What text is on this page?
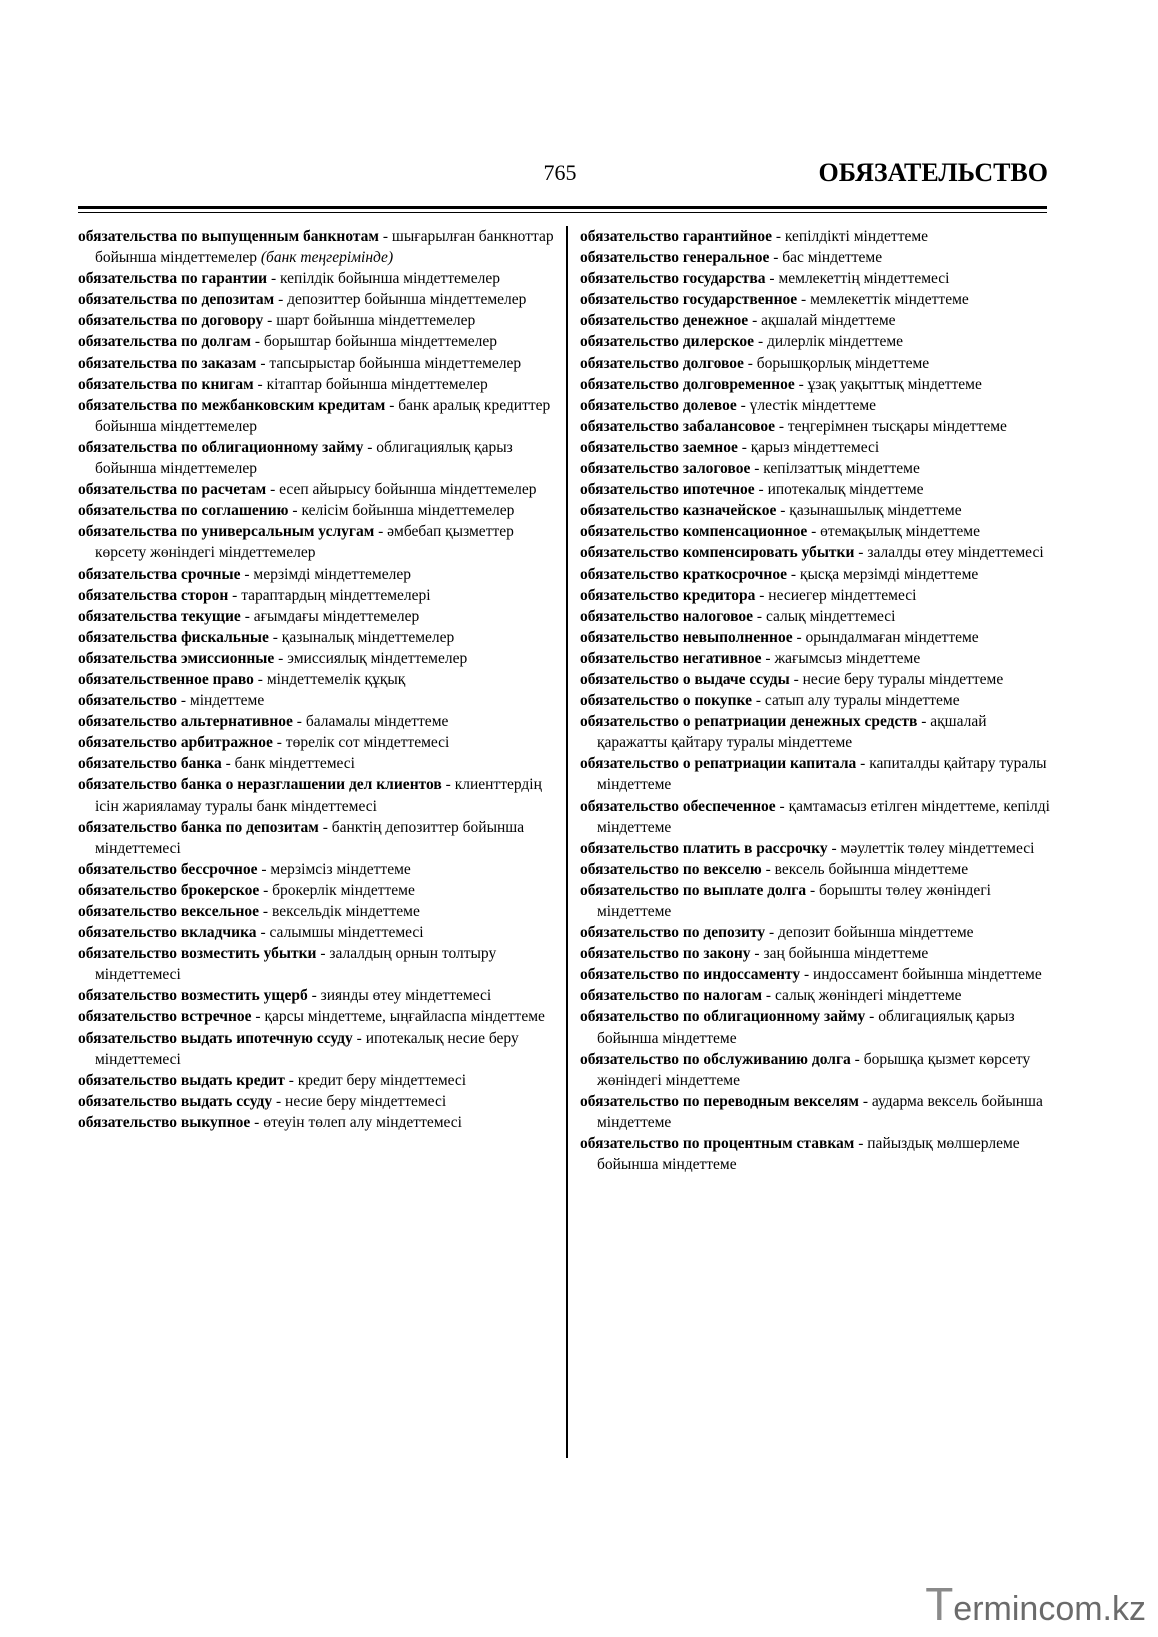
765	ОБЯЗАТЕЛЬСТВО
обязательства по выпущенным банкнотам - шығарылған банкноттар бойынша міндеттемелер (банк теңгерімінде)
обязательства по гарантии - кепілдік бойынша міндеттемелер
обязательства по депозитам - депозиттер бойынша міндеттемелер
обязательства по договору - шарт бойынша міндеттемелер
обязательства по долгам - борыштар бойынша міндеттемелер
обязательства по заказам - тапсырыстар бойынша міндеттемелер
обязательства по книгам - кітаптар бойынша міндеттемелер
обязательства по межбанковским кредитам - банк аралық кредиттер бойынша міндеттемелер
обязательства по облигационному займу - облигациялық қарыз бойынша міндеттемелер
обязательства по расчетам - есеп айырысу бойынша міндеттемелер
обязательства по соглашению - келісім бойынша міндеттемелер
обязательства по универсальным услугам - әмбебап қызметтер көрсету жөніндегі міндеттемелер
обязательства срочные - мерзімді міндеттемелер
обязательства сторон - тараптардың міндеттемелері
обязательства текущие - ағымдағы міндеттемелер
обязательства фискальные - қазыналық міндеттемелер
обязательства эмиссионные - эмиссиялық міндеттемелер
обязательственное право - міндеттемелік құқық
обязательство - міндеттеме
обязательство альтернативное - баламалы міндеттеме
обязательство арбитражное - төрелік сот міндеттемесі
обязательство банка - банк міндеттемесі
обязательство банка о неразглашении дел клиентов - клиенттердің ісін жарияламау туралы банк міндеттемесі
обязательство банка по депозитам - банктің депозиттер бойынша міндеттемесі
обязательство бессрочное - мерзімсіз міндеттеме
обязательство брокерское - брокерлік міндеттеме
обязательство вексельное - вексельдік міндеттеме
обязательство вкладчика - салымшы міндеттемесі
обязательство возместить убытки - залалдың орнын толтыру міндеттемесі
обязательство возместить ущерб - зиянды өтеу міндеттемесі
обязательство встречное - қарсы міндеттеме, ыңғайласпа міндеттеме
обязательство выдать ипотечную ссуду - ипотекалық несие беру міндеттемесі
обязательство выдать кредит - кредит беру міндеттемесі
обязательство выдать ссуду - несие беру міндеттемесі
обязательство выкупное - өтеуін төлеп алу міндеттемесі
обязательство гарантийное - кепілдікті міндеттеме
обязательство генеральное - бас міндеттеме
обязательство государства - мемлекеттің міндеттемесі
обязательство государственное - мемлекеттік міндеттеме
обязательство денежное - ақшалай міндеттеме
обязательство дилерское - дилерлік міндеттеме
обязательство долговое - борышқорлық міндеттеме
обязательство долговременное - ұзақ уақыттық міндеттеме
обязательство долевое - үлестік міндеттеме
обязательство забалансовое - теңгерімнен тысқары міндеттеме
обязательство заемное - қарыз міндеттемесі
обязательство залоговое - кепілзаттық міндеттеме
обязательство ипотечное - ипотекалық міндеттеме
обязательство казначейское - қазынашылық міндеттеме
обязательство компенсационное - өтемақылық міндеттеме
обязательство компенсировать убытки - залалды өтеу міндеттемесі
обязательство краткосрочное - қысқа мерзімді міндеттеме
обязательство кредитора - несиегер міндеттемесі
обязательство налоговое - салық міндеттемесі
обязательство невыполненное - орындалмаған міндеттеме
обязательство негативное - жағымсыз міндеттеме
обязательство о выдаче ссуды - несие беру туралы міндеттеме
обязательство о покупке - сатып алу туралы міндеттеме
обязательство о репатриации денежных средств - ақшалай қаражатты қайтару туралы міндеттеме
обязательство о репатриации капитала - капиталды қайтару туралы міндеттеме
обязательство обеспеченное - қамтамасыз етілген міндеттеме, кепілді міндеттеме
обязательство платить в рассрочку - мәулеттік төлеу міндеттемесі
обязательство по векселю - вексель бойынша міндеттеме
обязательство по выплате долга - борышты төлеу жөніндегі міндеттеме
обязательство по депозиту - депозит бойынша міндеттеме
обязательство по закону - заң бойынша міндеттеме
обязательство по индоссаменту - индоссамент бойынша міндеттеме
обязательство по налогам - салық жөніндегі міндеттеме
обязательство по облигационному займу - облигациялық қарыз бойынша міндеттеме
обязательство по обслуживанию долга - борышқа қызмет көрсету жөніндегі міндеттеме
обязательство по переводным векселям - аударма вексель бойынша міндеттеме
обязательство по процентным ставкам - пайыздық мөлшерлеме бойынша міндеттеме
Termincom.kz
